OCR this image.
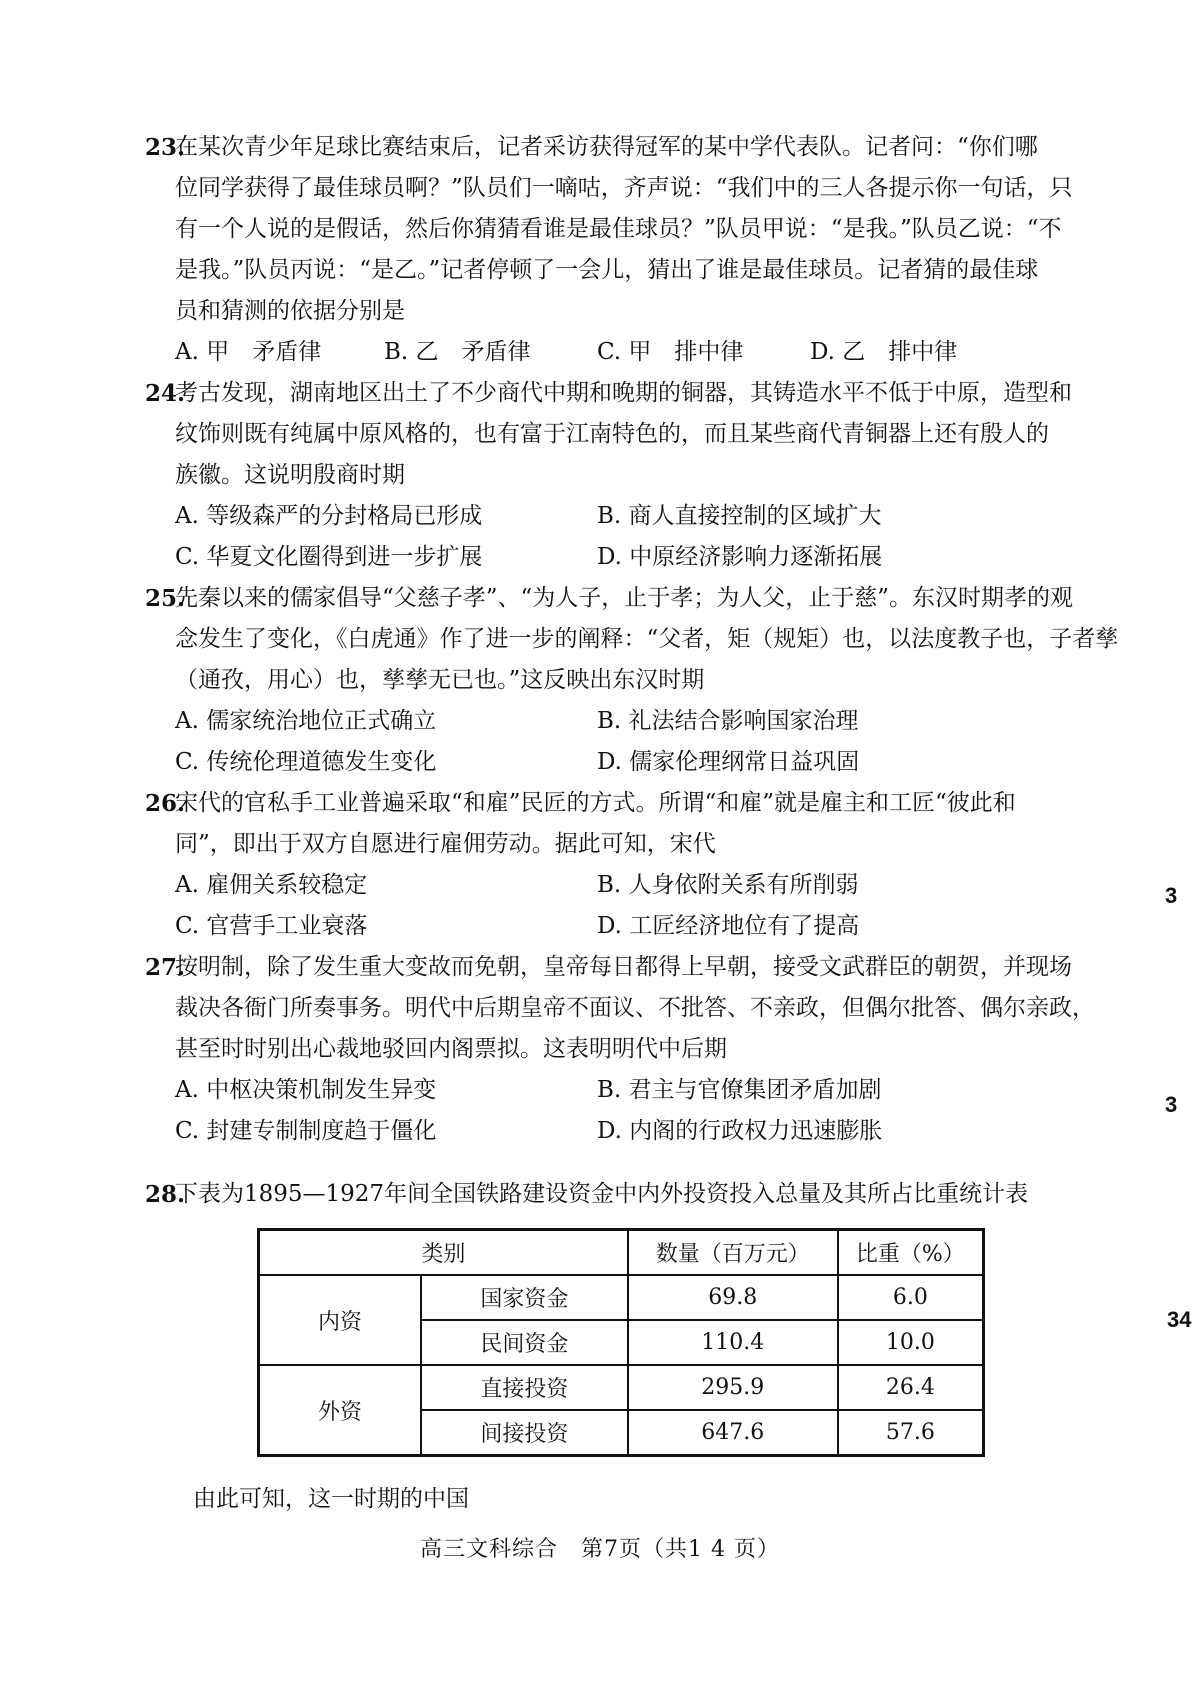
23.
在某次青少年足球比赛结束后，记者采访获得冠军的某中学代表队。记者问：“你们哪
位同学获得了最佳球员啊？”队员们一嘀咕，齐声说：“我们中的三人各提示你一句话，只
有一个人说的是假话，然后你猜猜看谁是最佳球员？”队员甲说：“是我。”队员乙说：“不
是我。”队员丙说：“是乙。”记者停顿了一会儿，猜出了谁是最佳球员。记者猜的最佳球
员和猜测的依据分别是
A. 甲　矛盾律	B. 乙　矛盾律	C. 甲　排中律	D. 乙　排中律
24.
考古发现，湖南地区出土了不少商代中期和晚期的铜器，其铸造水平不低于中原，造型和
纹饰则既有纯属中原风格的，也有富于江南特色的，而且某些商代青铜器上还有殷人的
族徽。这说明殷商时期
A. 等级森严的分封格局已形成	B. 商人直接控制的区域扩大
C. 华夏文化圈得到进一步扩展	D. 中原经济影响力逐渐拓展
25.
先秦以来的儒家倡导“父慈子孝”、“为人子，止于孝；为人父，止于慈”。东汉时期孝的观
念发生了变化，《白虎通》作了进一步的阐释：“父者，矩（规矩）也，以法度教子也，子者孳
（通孜，用心）也，孳孳无已也。”这反映出东汉时期
A. 儒家统治地位正式确立	B. 礼法结合影响国家治理
C. 传统伦理道德发生变化	D. 儒家伦理纲常日益巩固
26.
宋代的官私手工业普遍采取“和雇”民匠的方式。所谓“和雇”就是雇主和工匠“彼此和
同”，即出于双方自愿进行雇佣劳动。据此可知，宋代
A. 雇佣关系较稳定	B. 人身依附关系有所削弱
C. 官营手工业衰落	D. 工匠经济地位有了提高
27.
按明制，除了发生重大变故而免朝，皇帝每日都得上早朝，接受文武群臣的朝贺，并现场
裁决各衙门所奏事务。明代中后期皇帝不面议、不批答、不亲政，但偶尔批答、偶尔亲政，
甚至时时别出心裁地驳回内阁票拟。这表明明代中后期
A. 中枢决策机制发生异变	B. 君主与官僚集团矛盾加剧
C. 封建专制制度趋于僵化	D. 内阁的行政权力迅速膨胀
28.
下表为1895—1927年间全国铁路建设资金中内外投资投入总量及其所占比重统计表
类别		数量（百万元）	比重（%）
内资	国家资金	69.8	6.0
	民间资金	110.4	10.0
外资	直接投资	295.9	26.4
	间接投资	647.6	57.6
由此可知，这一时期的中国
高三文科综合　第7页（共1 4 页）
3
3
34
